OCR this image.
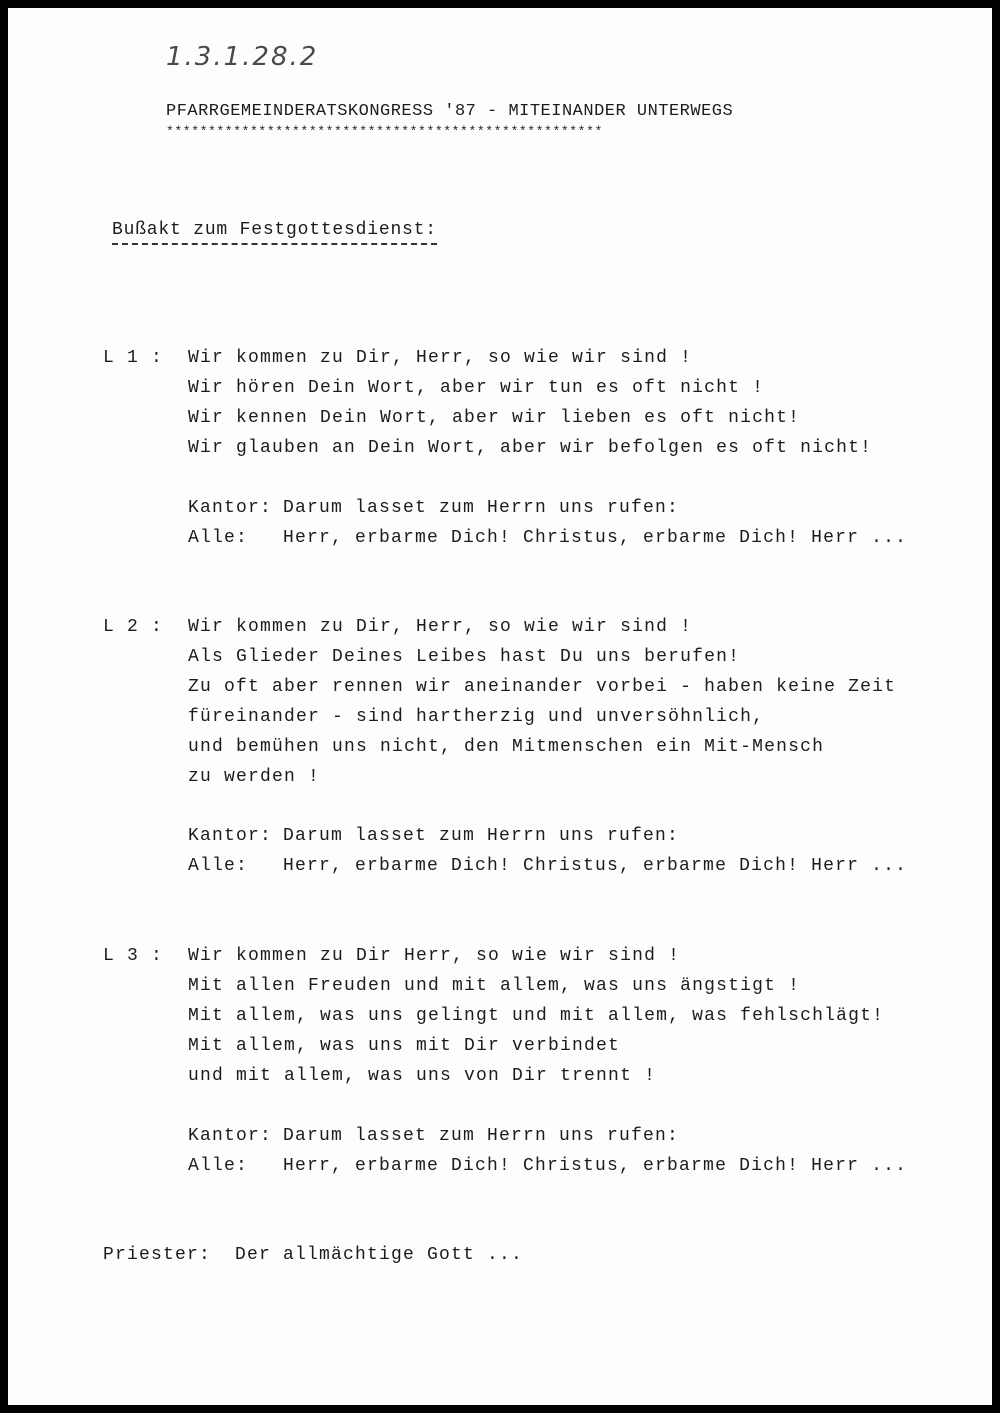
1.3.1.28.2
PFARRGEMEINDERATSKONGRESS '87 - MITEINANDER UNTERWEGS
****************************************************
Bußakt zum Festgottesdienst:
L 1 : Wir kommen zu Dir, Herr, so wie wir sind !
Wir hören Dein Wort, aber wir tun es oft nicht !
Wir kennen Dein Wort, aber wir lieben es oft nicht!
Wir glauben an Dein Wort, aber wir befolgen es oft nicht!
Kantor: Darum lasset zum Herrn uns rufen:
Alle: Herr, erbarme Dich! Christus, erbarme Dich! Herr ...
L 2 : Wir kommen zu Dir, Herr, so wie wir sind !
Als Glieder Deines Leibes hast Du uns berufen!
Zu oft aber rennen wir aneinander vorbei - haben keine Zeit
füreinander - sind hartherzig und unversöhnlich,
und bemühen uns nicht, den Mitmenschen ein Mit-Mensch
zu werden !
Kantor: Darum lasset zum Herrn uns rufen:
Alle: Herr, erbarme Dich! Christus, erbarme Dich! Herr ...
L 3 : Wir kommen zu Dir Herr, so wie wir sind !
Mit allen Freuden und mit allem, was uns ängstigt !
Mit allem, was uns gelingt und mit allem, was fehlschlägt!
Mit allem, was uns mit Dir verbindet
und mit allem, was uns von Dir trennt !
Kantor: Darum lasset zum Herrn uns rufen:
Alle: Herr, erbarme Dich! Christus, erbarme Dich! Herr ...
Priester: Der allmächtige Gott ...
